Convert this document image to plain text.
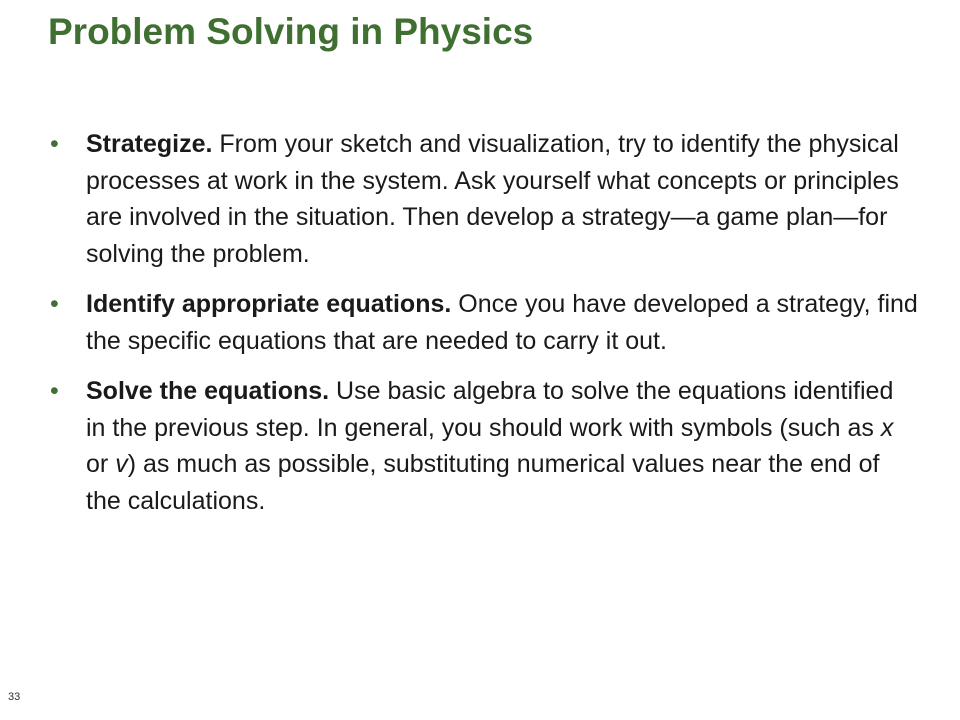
Problem Solving in Physics
• Strategize. From your sketch and visualization, try to identify the physical processes at work in the system. Ask yourself what concepts or principles are involved in the situation. Then develop a strategy—a game plan—for solving the problem.
• Identify appropriate equations. Once you have developed a strategy, find the specific equations that are needed to carry it out.
• Solve the equations. Use basic algebra to solve the equations identified in the previous step. In general, you should work with symbols (such as x or v) as much as possible, substituting numerical values near the end of the calculations.
33
